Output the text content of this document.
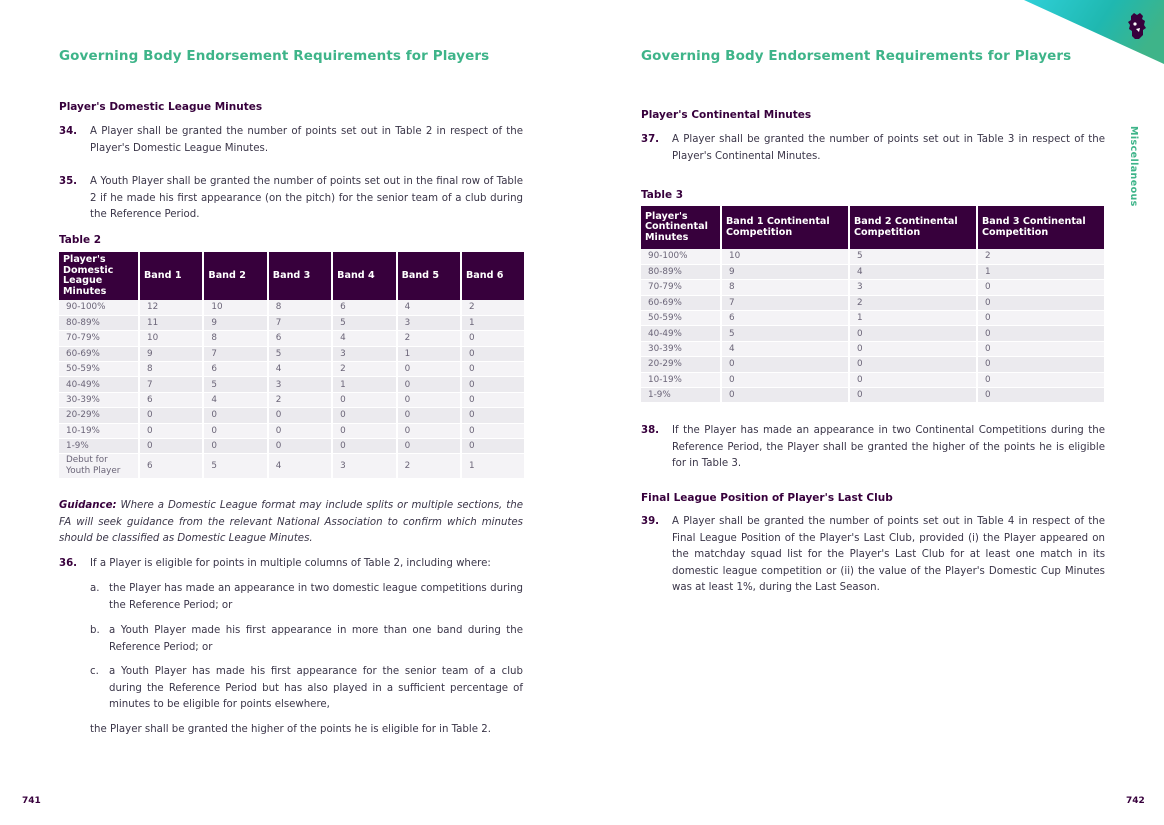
Governing Body Endorsement Requirements for Players
Player's Domestic League Minutes
34. A Player shall be granted the number of points set out in Table 2 in respect of the Player's Domestic League Minutes.
35. A Youth Player shall be granted the number of points set out in the final row of Table 2 if he made his first appearance (on the pitch) for the senior team of a club during the Reference Period.
Table 2
Player's Domestic League Minutes	Band 1	Band 2	Band 3	Band 4	Band 5	Band 6
90-100%	12	10	8	6	4	2
80-89%	11	9	7	5	3	1
70-79%	10	8	6	4	2	0
60-69%	9	7	5	3	1	0
50-59%	8	6	4	2	0	0
40-49%	7	5	3	1	0	0
30-39%	6	4	2	0	0	0
20-29%	0	0	0	0	0	0
10-19%	0	0	0	0	0	0
1-9%	0	0	0	0	0	0
Debut for Youth Player	6	5	4	3	2	1
Guidance: Where a Domestic League format may include splits or multiple sections, the FA will seek guidance from the relevant National Association to confirm which minutes should be classified as Domestic League Minutes.
36. If a Player is eligible for points in multiple columns of Table 2, including where:
a. the Player has made an appearance in two domestic league competitions during the Reference Period; or
b. a Youth Player made his first appearance in more than one band during the Reference Period; or
c. a Youth Player has made his first appearance for the senior team of a club during the Reference Period but has also played in a sufficient percentage of minutes to be eligible for points elsewhere,
the Player shall be granted the higher of the points he is eligible for in Table 2.
741
Governing Body Endorsement Requirements for Players
Player's Continental Minutes
37. A Player shall be granted the number of points set out in Table 3 in respect of the Player's Continental Minutes.
Table 3
Player's Continental Minutes	Band 1 Continental Competition	Band 2 Continental Competition	Band 3 Continental Competition
90-100%	10	5	2
80-89%	9	4	1
70-79%	8	3	0
60-69%	7	2	0
50-59%	6	1	0
40-49%	5	0	0
30-39%	4	0	0
20-29%	0	0	0
10-19%	0	0	0
1-9%	0	0	0
38. If the Player has made an appearance in two Continental Competitions during the Reference Period, the Player shall be granted the higher of the points he is eligible for in Table 3.
Final League Position of Player's Last Club
39. A Player shall be granted the number of points set out in Table 4 in respect of the Final League Position of the Player's Last Club, provided (i) the Player appeared on the matchday squad list for the Player's Last Club for at least one match in its domestic league competition or (ii) the value of the Player's Domestic Cup Minutes was at least 1%, during the Last Season.
742
Miscellaneous
